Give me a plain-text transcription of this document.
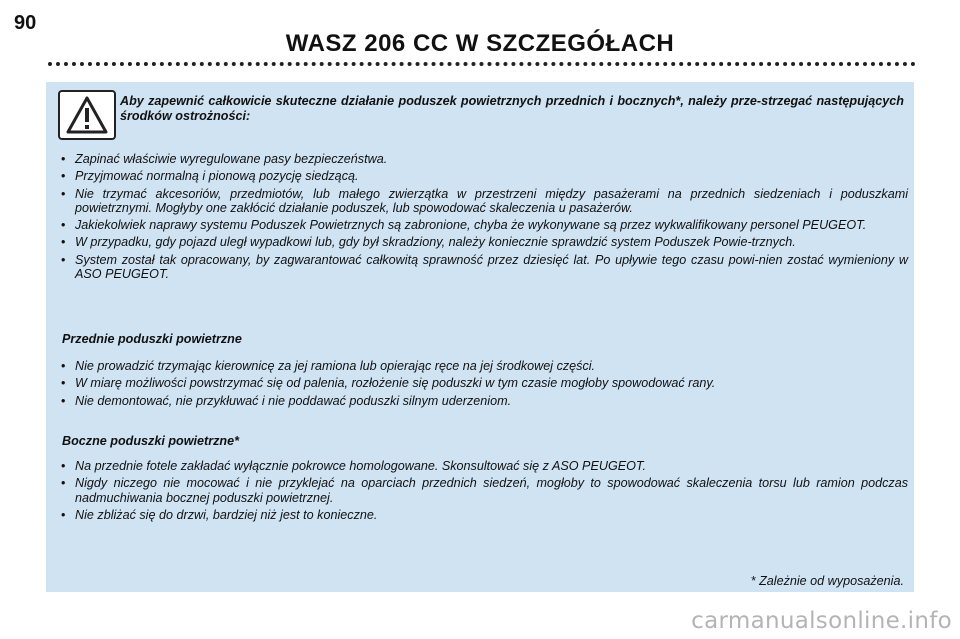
90
WASZ 206 CC W SZCZEGÓŁACH
Aby zapewnić całkowicie skuteczne działanie poduszek powietrznych przednich i bocznych*, należy prze-strzegać następujących środków ostrożności:
• Zapinać właściwie wyregulowane pasy bezpieczeństwa.
• Przyjmować normalną i pionową pozycję siedzącą.
• Nie trzymać akcesoriów, przedmiotów, lub małego zwierzątka w przestrzeni między pasażerami na przednich siedzeniach i poduszkami powietrznymi. Mogłyby one zakłócić działanie poduszek, lub spowodować skaleczenia u pasażerów.
• Jakiekolwiek naprawy systemu Poduszek Powietrznych są zabronione, chyba że wykonywane są przez wykwalifikowany personel PEUGEOT.
• W przypadku, gdy pojazd uległ wypadkowi lub, gdy był skradziony, należy koniecznie sprawdzić system Poduszek Powie-trznych.
• System został tak opracowany, by zagwarantować całkowitą sprawność przez dziesięć lat. Po upływie tego czasu powi-nien zostać wymieniony w ASO PEUGEOT.
Przednie poduszki powietrzne
• Nie prowadzić trzymając kierownicę za jej ramiona lub opierając ręce na jej środkowej części.
• W miarę możliwości powstrzymać się od palenia, rozłożenie się poduszki w tym czasie mogłoby spowodować rany.
• Nie demontować, nie przykłuwać i nie poddawać poduszki silnym uderzeniom.
Boczne poduszki powietrzne*
• Na przednie fotele zakładać wyłącznie pokrowce homologowane. Skonsultować się z ASO PEUGEOT.
• Nigdy niczego nie mocować i nie przyklejać na oparciach przednich siedzeń, mogłoby to spowodować skaleczenia torsu lub ramion podczas nadmuchiwania bocznej poduszki powietrznej.
• Nie zbliżać się do drzwi, bardziej niż jest to konieczne.
* Zależnie od wyposażenia.
carmanualsonline.info
